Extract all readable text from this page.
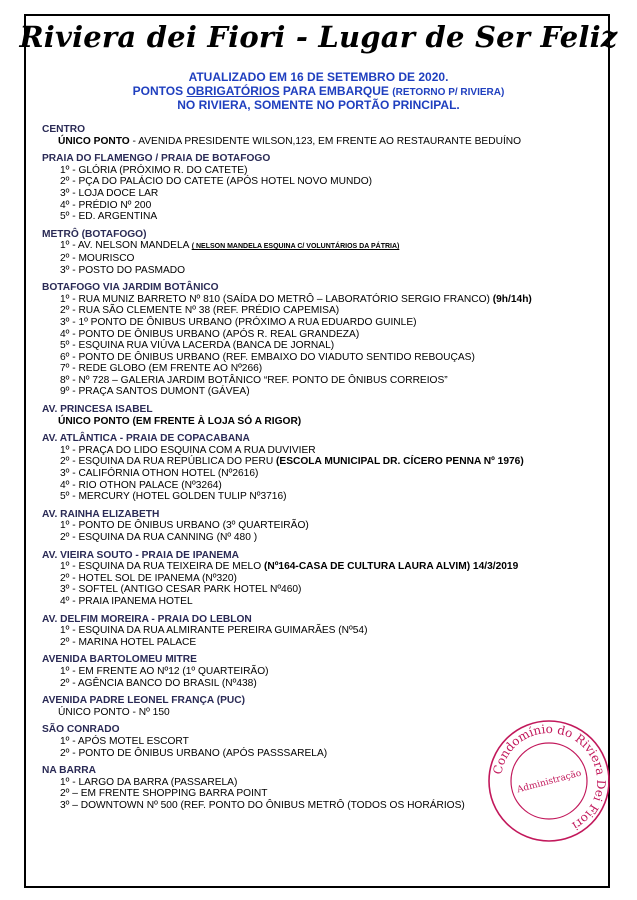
Riviera dei Fiori - Lugar de Ser Feliz
ATUALIZADO EM 16 DE SETEMBRO DE 2020.
PONTOS OBRIGATÓRIOS PARA EMBARQUE (RETORNO P/ RIVIERA)
NO RIVIERA, SOMENTE NO PORTÃO PRINCIPAL.
CENTRO
ÚNICO PONTO - AVENIDA PRESIDENTE WILSON,123, EM FRENTE AO RESTAURANTE BEDUÍNO
PRAIA DO FLAMENGO / PRAIA DE BOTAFOGO
1º - GLÓRIA (PRÓXIMO R. DO CATETE)
2º - PÇA DO PALÁCIO DO CATETE (APÓS HOTEL NOVO MUNDO)
3º - LOJA DOCE LAR
4º - PRÉDIO Nº 200
5º - ED. ARGENTINA
METRÔ (BOTAFOGO)
1º - AV. NELSON MANDELA ( NELSON MANDELA ESQUINA C/ VOLUNTÁRIOS DA PÁTRIA)
2º - MOURISCO
3º - POSTO DO PASMADO
BOTAFOGO VIA JARDIM BOTÂNICO
1º - RUA MUNIZ BARRETO Nº 810 (SAÍDA DO METRÔ – LABORATÓRIO SERGIO FRANCO) (9h/14h)
2º - RUA SÃO CLEMENTE Nº 38 (REF. PRÉDIO CAPEMISA)
3º - 1º PONTO DE ÔNIBUS URBANO (PRÓXIMO A RUA EDUARDO GUINLE)
4º - PONTO DE ÔNIBUS URBANO (APÓS R. REAL GRANDEZA)
5º - ESQUINA RUA VIÚVA LACERDA (BANCA DE JORNAL)
6º - PONTO DE ÔNIBUS URBANO (REF. EMBAIXO DO VIADUTO SENTIDO REBOUÇAS)
7º - REDE GLOBO (EM FRENTE AO Nº266)
8º - Nº 728 – GALERIA JARDIM BOTÂNICO “REF. PONTO DE ÔNIBUS CORREIOS”
9º - PRAÇA SANTOS DUMONT (GÁVEA)
AV. PRINCESA ISABEL
ÚNICO PONTO (EM FRENTE À LOJA SÓ A RIGOR)
AV. ATLÂNTICA - PRAIA DE COPACABANA
1º - PRAÇA DO LIDO ESQUINA COM A RUA DUVIVIER
2º - ESQUINA DA RUA REPÚBLICA DO PERU (ESCOLA MUNICIPAL DR. CÍCERO PENNA Nº 1976)
3º - CALIFÓRNIA OTHON HOTEL (Nº2616)
4º - RIO OTHON PALACE (Nº3264)
5º - MERCURY (HOTEL GOLDEN TULIP Nº3716)
AV. RAINHA ELIZABETH
1º - PONTO DE ÔNIBUS URBANO (3º QUARTEIRÃO)
2º - ESQUINA DA RUA CANNING (Nº 480 )
AV. VIEIRA SOUTO - PRAIA DE IPANEMA
1º - ESQUINA DA RUA TEIXEIRA DE MELO (Nº164-CASA DE CULTURA LAURA ALVIM) 14/3/2019
2º - HOTEL SOL DE IPANEMA (Nº320)
3º - SOFTEL (ANTIGO CESAR PARK HOTEL Nº460)
4º - PRAIA IPANEMA HOTEL
AV. DELFIM MOREIRA - PRAIA DO LEBLON
1º - ESQUINA DA RUA ALMIRANTE PEREIRA GUIMARÃES (Nº54)
2º - MARINA HOTEL PALACE
AVENIDA BARTOLOMEU MITRE
1º - EM FRENTE AO Nº12 (1º QUARTEIRÃO)
2º - AGÊNCIA BANCO DO BRASIL (Nº438)
AVENIDA PADRE LEONEL FRANÇA (PUC)
ÚNICO PONTO - Nº 150
SÃO CONRADO
1º - APÓS MOTEL ESCORT
2º - PONTO DE ÔNIBUS URBANO (APÓS PASSSARELA)
NA BARRA
1º - LARGO DA BARRA (PASSARELA)
2º – EM FRENTE SHOPPING BARRA POINT
3º – DOWNTOWN Nº 500 (REF. PONTO DO ÔNIBUS METRÔ (TODOS OS HORÁRIOS)
Condomínio do Riviera Dei Fiori
Administração
